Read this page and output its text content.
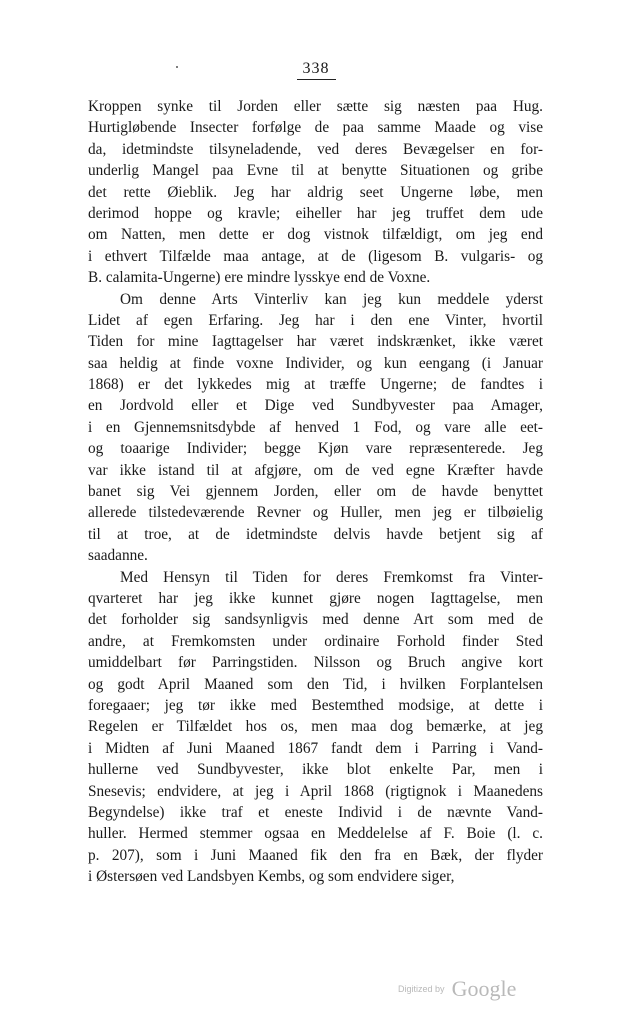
338
Kroppen synke til Jorden eller sætte sig næsten paa Hug.
Hurtigløbende Insecter forfølge de paa samme Maade og vise
da, idetmindste tilsyneladende, ved deres Bevægelser en for-
underlig Mangel paa Evne til at benytte Situationen og gribe
det rette Øieblik. Jeg har aldrig seet Ungerne løbe, men
derimod hoppe og kravle; eiheller har jeg truffet dem ude
om Natten, men dette er dog vistnok tilfældigt, om jeg end
i ethvert Tilfælde maa antage, at de (ligesom B. vulgaris- og
B. calamita-Ungerne) ere mindre lysskye end de Voxne.
Om denne Arts Vinterliv kan jeg kun meddele yderst
Lidet af egen Erfaring. Jeg har i den ene Vinter, hvortil
Tiden for mine Iagttagelser har været indskrænket, ikke været
saa heldig at finde voxne Individer, og kun eengang (i Januar
1868) er det lykkedes mig at træffe Ungerne; de fandtes i
en Jordvold eller et Dige ved Sundbyvester paa Amager,
i en Gjennemsnitsdybde af henved 1 Fod, og vare alle eet-
og toaarige Individer; begge Kjøn vare repræsenterede. Jeg
var ikke istand til at afgjøre, om de ved egne Kræfter havde
banet sig Vei gjennem Jorden, eller om de havde benyttet
allerede tilstedeværende Revner og Huller, men jeg er tilbøielig
til at troe, at de idetmindste delvis havde betjent sig af
saadanne.
Med Hensyn til Tiden for deres Fremkomst fra Vinter-
qvarteret har jeg ikke kunnet gjøre nogen Iagttagelse, men
det forholder sig sandsynligvis med denne Art som med de
andre, at Fremkomsten under ordinaire Forhold finder Sted
umiddelbart før Parringstiden. Nilsson og Bruch angive kort
og godt April Maaned som den Tid, i hvilken Forplantelsen
foregaaer; jeg tør ikke med Bestemthed modsige, at dette i
Regelen er Tilfældet hos os, men maa dog bemærke, at jeg
i Midten af Juni Maaned 1867 fandt dem i Parring i Vand-
hullerne ved Sundbyvester, ikke blot enkelte Par, men i
Snesevis; endvidere, at jeg i April 1868 (rigtignok i Maanedens
Begyndelse) ikke traf et eneste Individ i de nævnte Vand-
huller. Hermed stemmer ogsaa en Meddelelse af F. Boie (l. c.
p. 207), som i Juni Maaned fik den fra en Bæk, der flyder
i Østersøen ved Landsbyen Kembs, og som endvidere siger,
Digitized by Google
